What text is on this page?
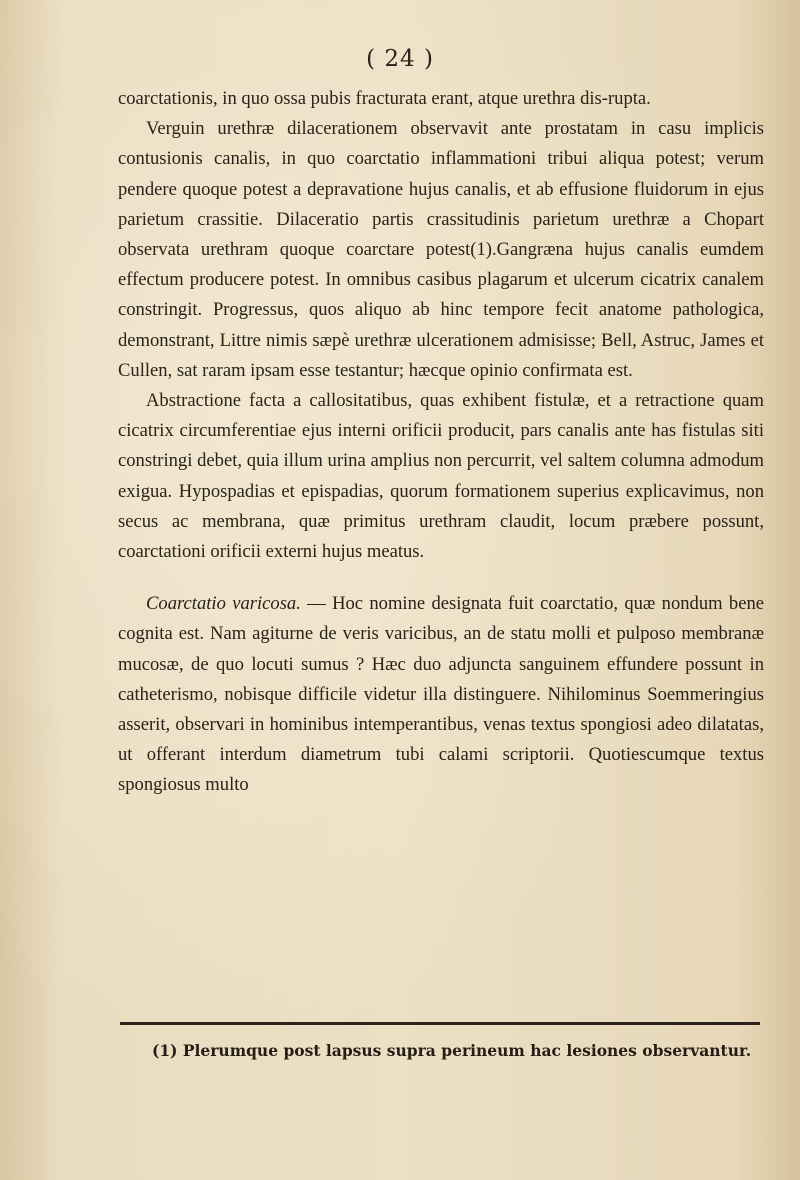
( 24 )

coarctationis, in quo ossa pubis fracturata erant, atque urethra dis-rupta.

Verguin urethræ dilacerationem observavit ante prostatam in casu implicis contusionis canalis, in quo coarctatio inflammationi tribui aliqua potest; verum pendere quoque potest a depravatione hujus canalis, et ab effusione fluidorum in ejus parietum crassitie. Dilaceratio partis crassitudinis parietum urethræ a Chopart observata urethram quoque coarctare potest(1).Gangræna hujus canalis eumdem effectum producere potest. In omnibus casibus plagarum et ulcerum cicatrix canalem constringit. Progressus, quos aliquo ab hinc tempore fecit anatome pathologica, demonstrant, Littre nimis sæpè urethræ ulcerationem admisisse; Bell, Astruc, James et Cullen, sat raram ipsam esse testantur; hæcque opinio confirmata est.

Abstractione facta a callositatibus, quas exhibent fistulæ, et a retractione quam cicatrix circumferentiae ejus interni orificii producit, pars canalis ante has fistulas siti constringi debet, quia illum urina amplius non percurrit, vel saltem columna admodum exigua. Hypospadias et epispadias, quorum formationem superius explicavimus, non secus ac membrana, quæ primitus urethram claudit, locum præbere possunt, coarctationi orificii externi hujus meatus.

Coarctatio varicosa. — Hoc nomine designata fuit coarctatio, quæ nondum bene cognita est. Nam agiturne de veris varicibus, an de statu molli et pulposo membranæ mucosæ, de quo locuti sumus ? Hæc duo adjuncta sanguinem effundere possunt in catheterismo, nobisque difficile videtur illa distinguere. Nihilominus Soemmeringius asserit, observari in hominibus intemperantibus, venas textus spongiosi adeo dilatatas, ut offerant interdum diametrum tubi calami scriptorii. Quotiescumque textus spongiosus multo

(1) Plerumque post lapsus supra perineum hac lesiones observantur.
